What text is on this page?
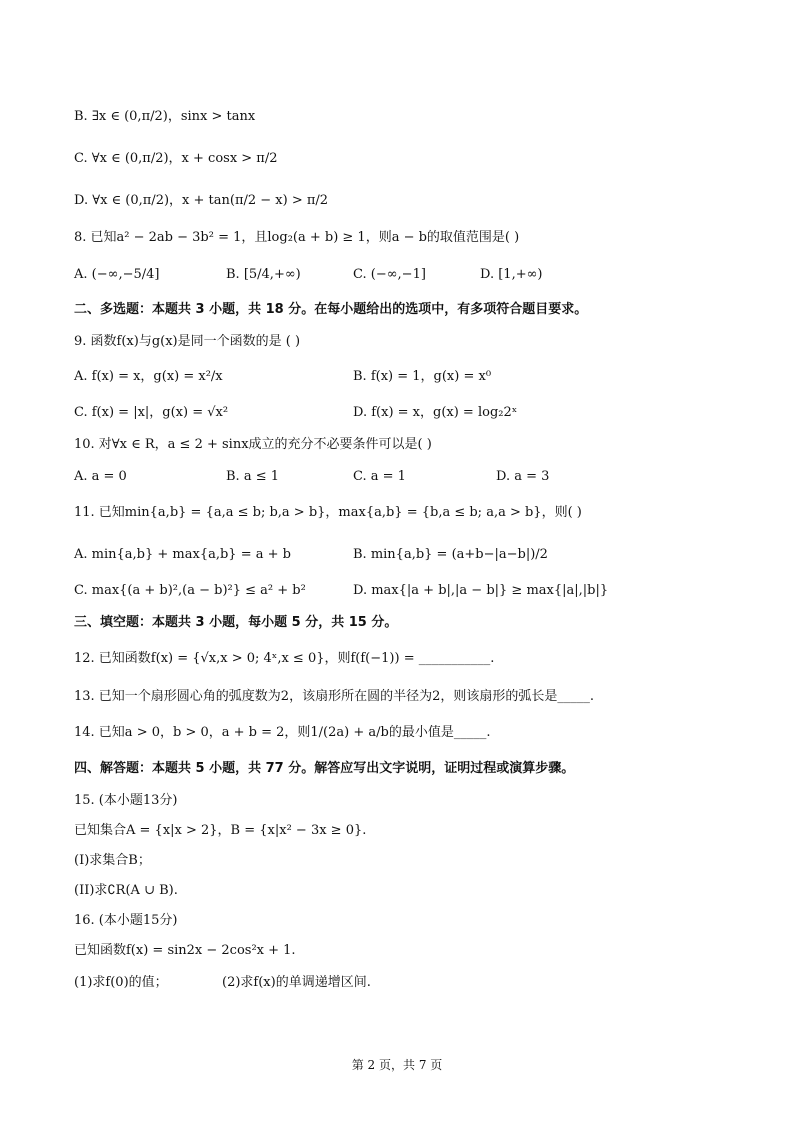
B. ∃x ∈ (0,π/2)，sinx > tanx
C. ∀x ∈ (0,π/2)，x + cosx > π/2
D. ∀x ∈ (0,π/2)，x + tan(π/2 − x) > π/2
8. 已知a² − 2ab − 3b² = 1，且log₂(a + b) ≥ 1，则a − b的取值范围是( )
A. (−∞,−5/4]	B. [5/4,+∞)	C. (−∞,−1]	D. [1,+∞)
二、多选题：本题共 3 小题，共 18 分。在每小题给出的选项中，有多项符合题目要求。
9. 函数f(x)与g(x)是同一个函数的是 ( )
A. f(x) = x，g(x) = x²/x	B. f(x) = 1，g(x) = x⁰
C. f(x) = |x|，g(x) = √x²	D. f(x) = x，g(x) = log₂2ˣ
10. 对∀x ∈ R，a ≤ 2 + sinx成立的充分不必要条件可以是( )
A. a = 0	B. a ≤ 1	C. a = 1	D. a = 3
11. 已知min{a,b} = {a,a ≤ b; b,a > b}，max{a,b} = {b,a ≤ b; a,a > b}，则( )
A. min{a,b} + max{a,b} = a + b	B. min{a,b} = (a+b−|a−b|)/2
C. max{(a + b)²,(a − b)²} ≤ a² + b²	D. max{|a + b|,|a − b|} ≥ max{|a|,|b|}
三、填空题：本题共 3 小题，每小题 5 分，共 15 分。
12. 已知函数f(x) = {√x,x > 0; 4ˣ,x ≤ 0}，则f(f(−1)) = ___________.
13. 已知一个扇形圆心角的弧度数为2，该扇形所在圆的半径为2，则该扇形的弧长是_____.
14. 已知a > 0，b > 0，a + b = 2，则1/(2a) + a/b的最小值是_____.
四、解答题：本题共 5 小题，共 77 分。解答应写出文字说明，证明过程或演算步骤。
15. (本小题13分)
已知集合A = {x|x > 2}，B = {x|x² − 3x ≥ 0}.
(I)求集合B；
(II)求∁R(A ∪ B).
16. (本小题15分)
已知函数f(x) = sin2x − 2cos²x + 1.
(1)求f(0)的值；	(2)求f(x)的单调递增区间.
第 2 页，共 7 页
